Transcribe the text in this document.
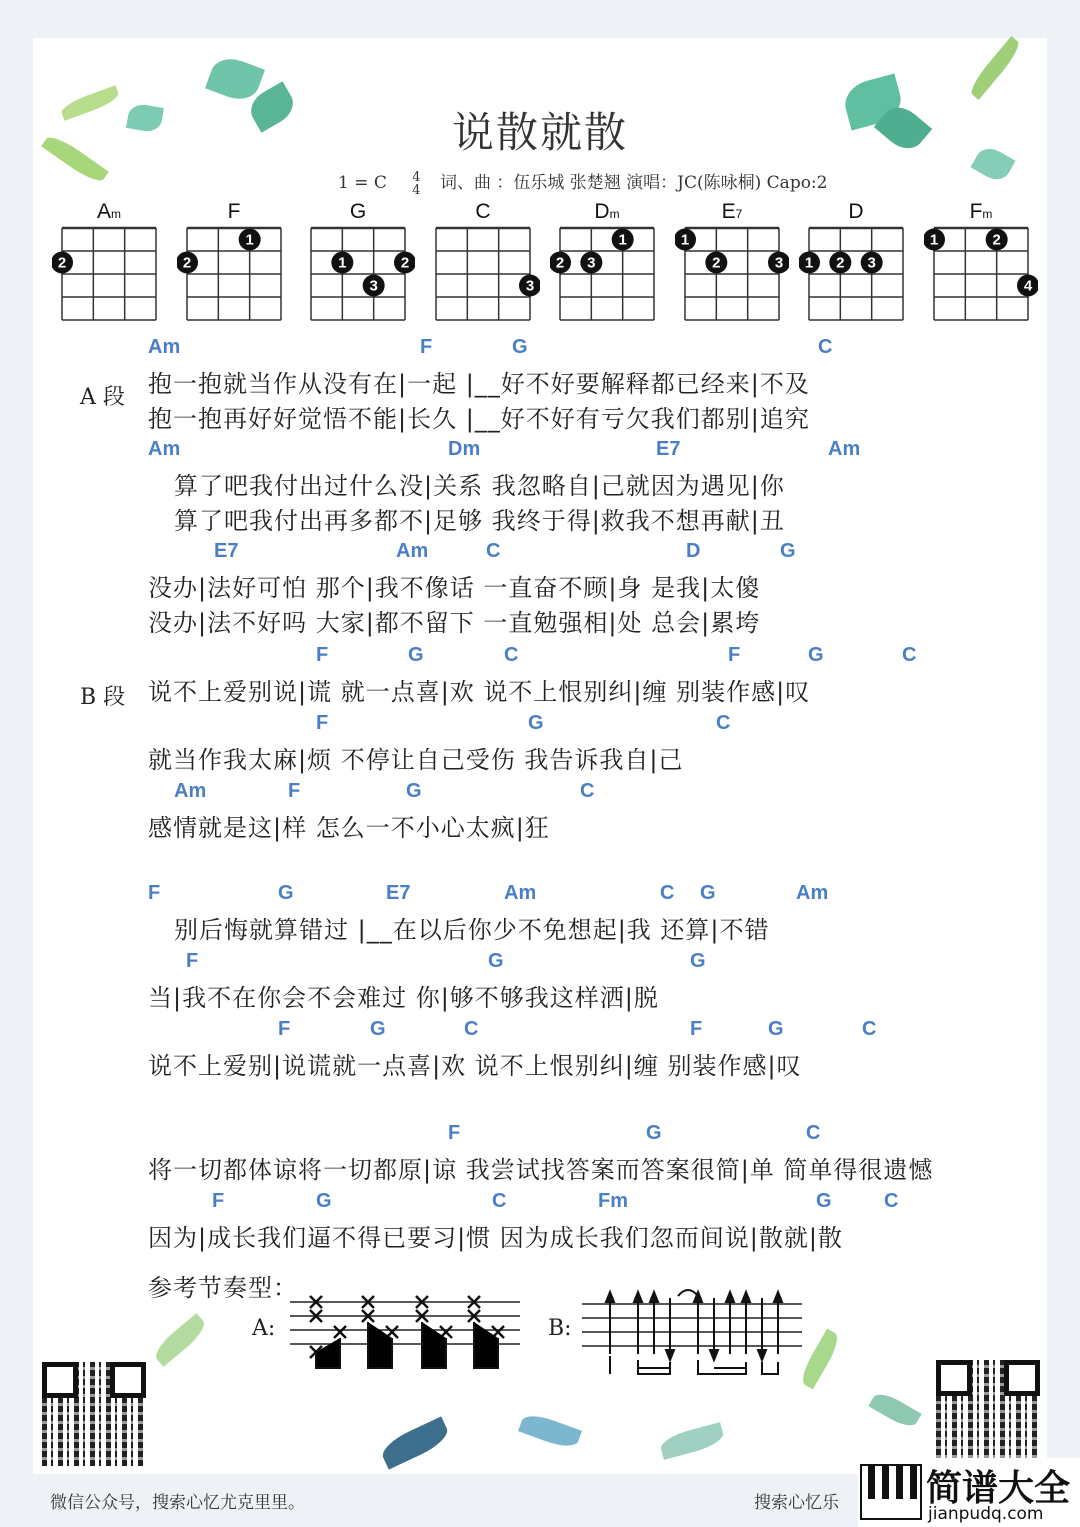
说散就散
1 = C 4
4 词、曲 ：伍乐城 张楚翘 演唱：JC(陈咏桐) Capo:2
Am
2
F
2
1
G
1
3
2
C
3
Dm
2 3
1
E7
1
2	3
D
1 2 3
Fm
1	2
4
A 段
B 段
Am	F	G	C
抱一抱就当作从没有在|一起 |__好不好要解释都已经来|不及
抱一抱再好好觉悟不能|长久 |__好不好有亏欠我们都别|追究
Am	Dm	E7	Am
算了吧我付出过什么没|关系 我忽略自|己就因为遇见|你
算了吧我付出再多都不|足够 我终于得|救我不想再献|丑
E7	Am	C	D	G
没办|法好可怕 那个|我不像话 一直奋不顾|身 是我|太傻
没办|法不好吗 大家|都不留下 一直勉强相|处 总会|累垮
F	G	C	F	G	C
说不上爱别说|谎 就一点喜|欢 说不上恨别纠|缠 别装作感|叹
F	G	C
就当作我太麻|烦 不停让自己受伤 我告诉我自|己
Am	F	G	C
感情就是这|样 怎么一不小心太疯|狂
F	G	E7	Am	C G	Am
别后悔就算错过 |__在以后你少不免想起|我 还算|不错
F	G	G
当|我不在你会不会难过 你|够不够我这样洒|脱
F	G	C	F	G	C
说不上爱别|说谎就一点喜|欢 说不上恨别纠|缠 别装作感|叹
F	G	C
将一切都体谅将一切都原|谅 我尝试找答案而答案很简|单 简单得很遗憾
F	G	C	Fm	G	C
因为|成长我们逼不得已要习|惯 因为成长我们忽而间说|散就|散
参考节奏型：
A:	B:
微信公众号，搜索心忆尤克里里。	搜索心忆乐 简谱大全
jianpudq.com
